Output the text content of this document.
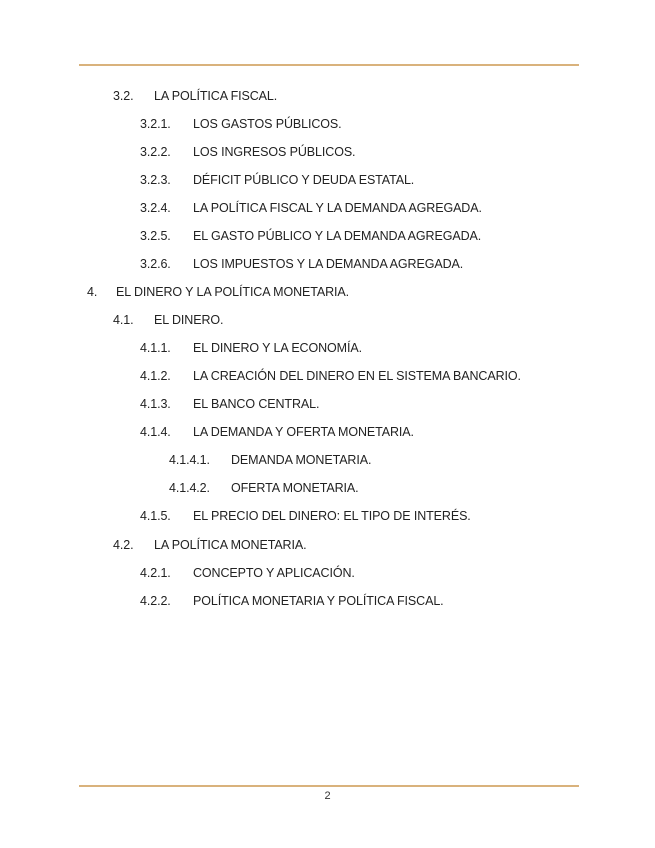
3.2. LA POLÍTICA FISCAL.
3.2.1. LOS GASTOS PÚBLICOS.
3.2.2. LOS INGRESOS PÚBLICOS.
3.2.3. DÉFICIT PÚBLICO Y DEUDA ESTATAL.
3.2.4. LA POLÍTICA FISCAL Y LA DEMANDA AGREGADA.
3.2.5. EL GASTO PÚBLICO Y LA DEMANDA AGREGADA.
3.2.6. LOS IMPUESTOS Y LA DEMANDA AGREGADA.
4. EL DINERO Y LA POLÍTICA MONETARIA.
4.1. EL DINERO.
4.1.1. EL DINERO Y LA ECONOMÍA.
4.1.2. LA CREACIÓN DEL DINERO EN EL SISTEMA BANCARIO.
4.1.3. EL BANCO CENTRAL.
4.1.4. LA DEMANDA Y OFERTA MONETARIA.
4.1.4.1. DEMANDA MONETARIA.
4.1.4.2. OFERTA MONETARIA.
4.1.5. EL PRECIO DEL DINERO: EL TIPO DE INTERÉS.
4.2. LA POLÍTICA MONETARIA.
4.2.1. CONCEPTO Y APLICACIÓN.
4.2.2. POLÍTICA MONETARIA Y POLÍTICA FISCAL.
2
